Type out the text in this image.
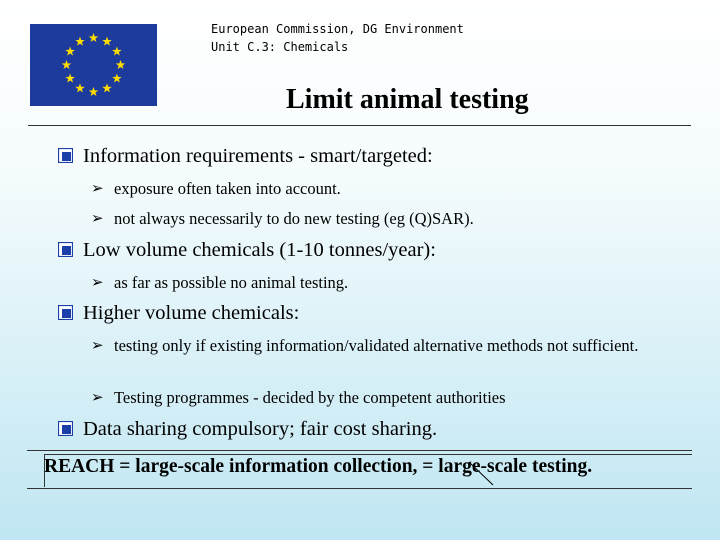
European Commission, DG Environment
Unit C.3: Chemicals
Limit animal testing
Information requirements - smart/targeted:
➢ exposure often taken into account.
➢ not always necessarily to do new testing (eg (Q)SAR).
Low volume chemicals (1-10 tonnes/year):
➢ as far as possible no animal testing.
Higher volume chemicals:
➢ testing only if existing information/validated alternative methods not sufficient.
➢ Testing programmes - decided by the competent authorities
Data sharing compulsory; fair cost sharing.
REACH = large-scale information collection, = large-scale testing.
